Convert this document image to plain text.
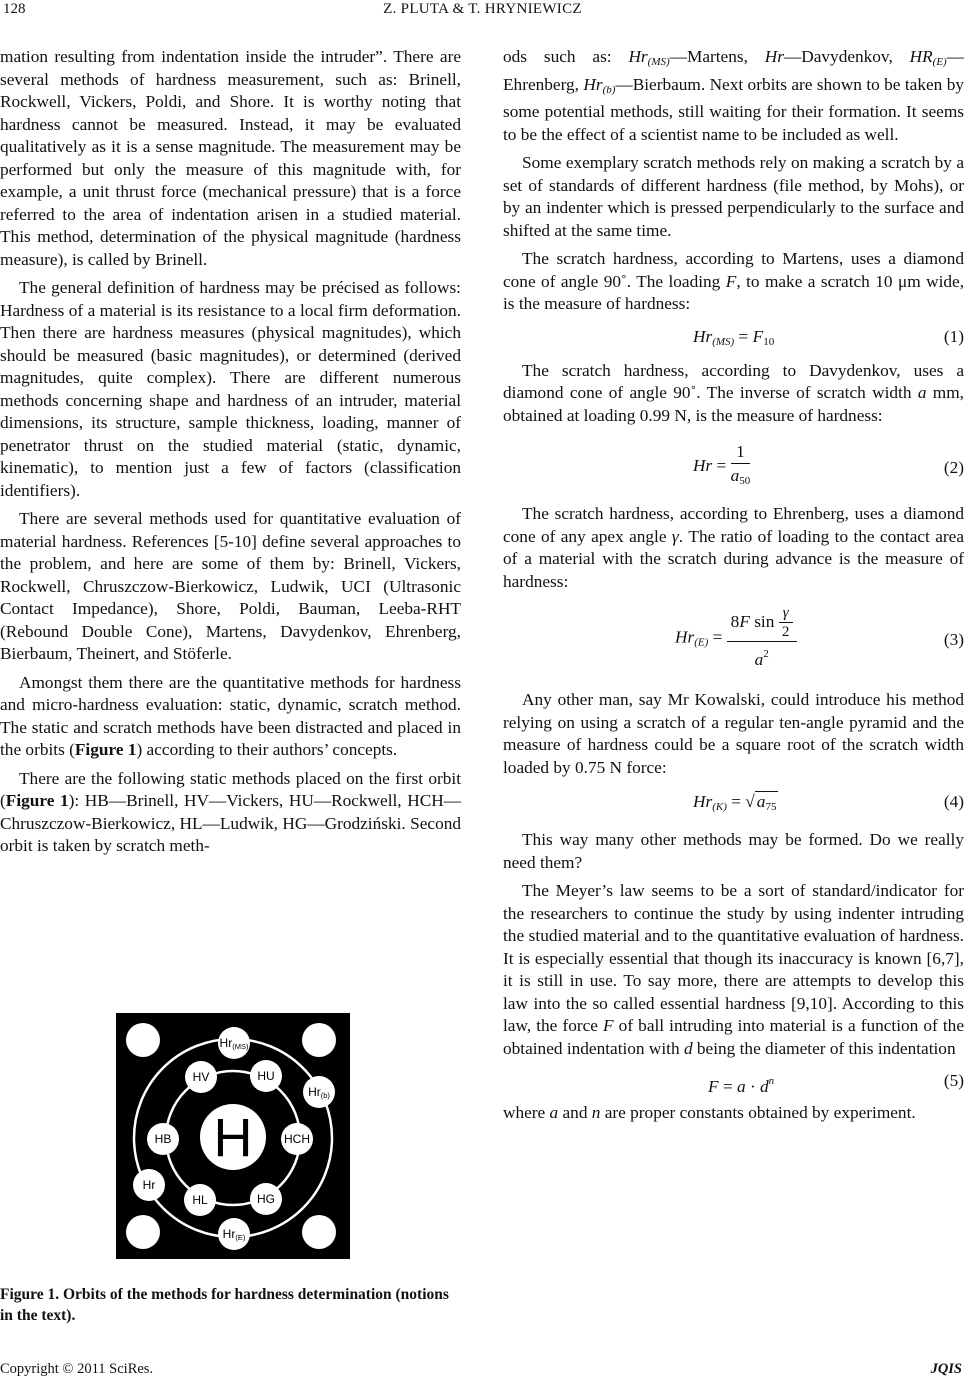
128	Z. PLUTA & T. HRYNIEWICZ

mation resulting from indentation inside the intruder”. There are several methods of hardness measurement, such as: Brinell, Rockwell, Vickers, Poldi, and Shore. It is worthy noting that hardness cannot be measured. Instead, it may be evaluated qualitatively as it is a sense magnitude. The measurement may be performed but only the measure of this magnitude with, for example, a unit thrust force (mechanical pressure) that is a force referred to the area of indentation arisen in a studied material. This method, determination of the physical magnitude (hardness measure), is called by Brinell.

The general definition of hardness may be précised as follows: Hardness of a material is its resistance to a local firm deformation. Then there are hardness measures (physical magnitudes), which should be measured (basic magnitudes), or determined (derived magnitudes, quite complex). There are different numerous methods concerning shape and hardness of an intruder, material dimensions, its structure, sample thickness, loading, manner of penetrator thrust on the studied material (static, dynamic, kinematic), to mention just a few of factors (classification identifiers).

There are several methods used for quantitative evaluation of material hardness. References [5-10] define several approaches to the problem, and here are some of them by: Brinell, Vickers, Rockwell, Chruszczow-Bierkowicz, Ludwik, UCI (Ultrasonic Contact Impedance), Shore, Poldi, Bauman, Leeba-RHT (Rebound Double Cone), Martens, Davydenkov, Ehrenberg, Bierbaum, Theinert, and Stöferle.

Amongst them there are the quantitative methods for hardness and micro-hardness evaluation: static, dynamic, scratch method. The static and scratch methods have been distracted and placed in the orbits (Figure 1) according to their authors’ concepts.

There are the following static methods placed on the first orbit (Figure 1): HB—Brinell, HV—Vickers, HU—Rockwell, HCH—Chruszczow-Bierkowicz, HL—Ludwik, HG—Grodziński. Second orbit is taken by scratch meth-

H
HV	HU
HCH
HG
HL
HB
Hr(MS)
Hr(b)
Hr(E)
Hr
Figure 1. Orbits of the methods for hardness determination (notions in the text).

ods such as: $Hr_{(MS)}—Martens$, Hr—Davydenkov, $HR_{(E)}—Ehrenberg$, $Hr_{(b)}—Bierbaum$. Next orbits are shown to be taken by some potential methods, still waiting for their formation. It seems to be the effect of a scientist name to be included as well.

Some exemplary scratch methods rely on making a scratch by a set of standards of different hardness (file method, by Mohs), or by an indenter which is pressed perpendicularly to the surface and shifted at the same time.

The scratch hardness, according to Martens, uses a diamond cone of angle 90˚. The loading F, to make a scratch 10 μm wide, is the measure of hardness:

$Hr_{(MS)} = F_{10}$	(1)

The scratch hardness, according to Davydenkov, uses a diamond cone of angle 90˚. The inverse of scratch width a mm, obtained at loading 0.99 N, is the measure of hardness:

$Hr = \frac{1}{a_{50}}$	(2)

The scratch hardness, according to Ehrenberg, uses a diamond cone of any apex angle γ. The ratio of loading to the contact area of a material with the scratch during advance is the measure of hardness:

$Hr_{(E)} = \frac{8F \sin \frac{\gamma}{2}}{a^2}$	(3)

Any other man, say Mr Kowalski, could introduce his method relying on using a scratch of a regular ten-angle pyramid and the measure of hardness could be a square root of the scratch width loaded by 0.75 N force:

$Hr_{(K)}$ = √ $a_{75}$	(4)

This way many other methods may be formed. Do we really need them?

The Meyer’s law seems to be a sort of standard/indicator for the researchers to continue the study by using indenter intruding the studied material and to the quantitative evaluation of hardness. It is especially essential that though its inaccuracy is known [6,7], it is still in use. To say more, there are attempts to develop this law into the so called essential hardness [9,10]. According to this law, the force F of ball intruding into material is a function of the obtained indentation with d being the diameter of this indentation

$F = a \cdot d^n$	(5)

where a and n are proper constants obtained by experiment.

Copyright © 2011 SciRes.	JQIS
